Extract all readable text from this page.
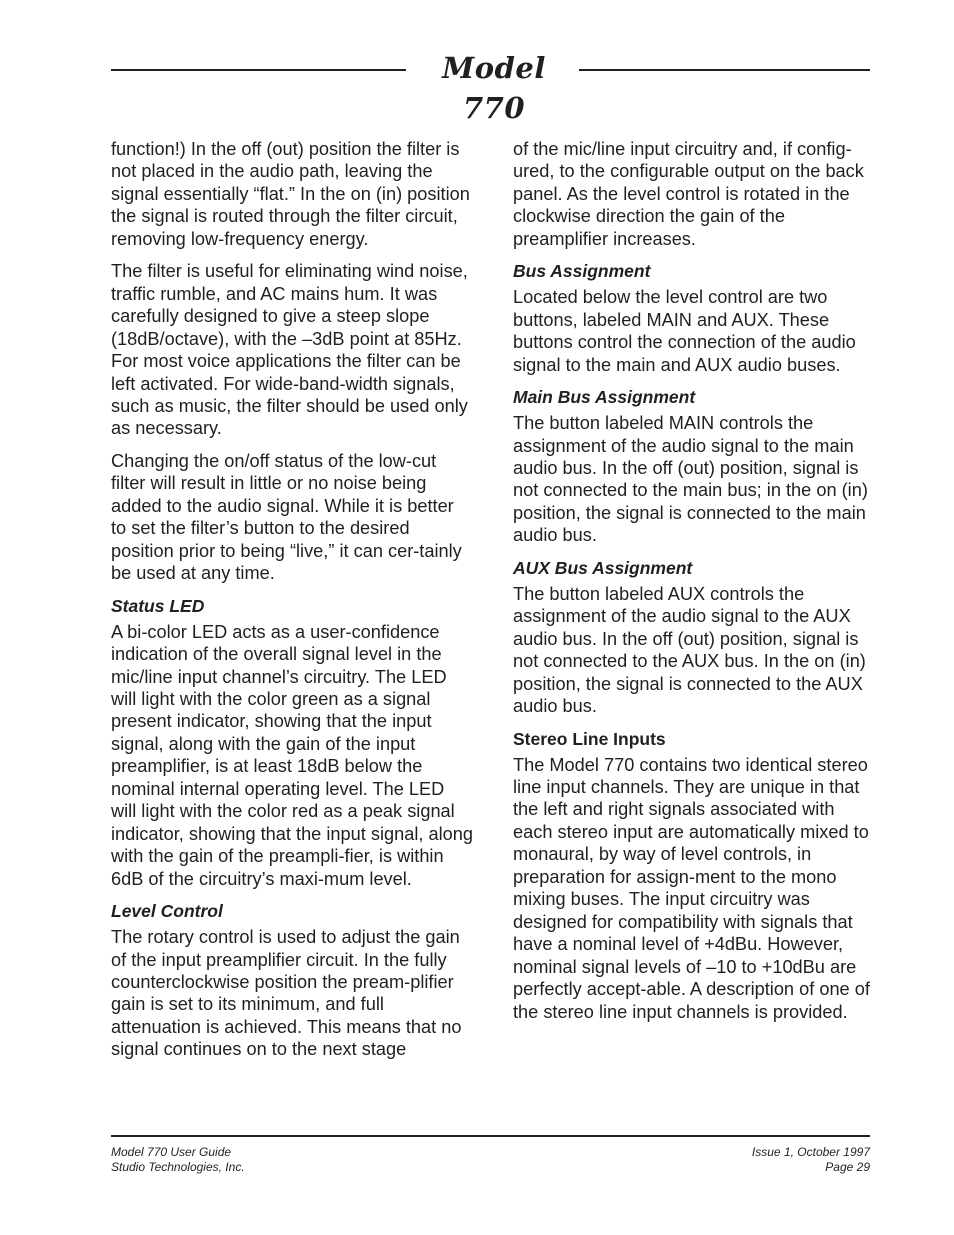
Model 770

function!) In the off (out) position the filter is not placed in the audio path, leaving the signal essentially “flat.” In the on (in) position the signal is routed through the filter circuit, removing low-frequency energy.

The filter is useful for eliminating wind noise, traffic rumble, and AC mains hum. It was carefully designed to give a steep slope (18dB/octave), with the –3dB point at 85Hz. For most voice applications the filter can be left activated. For wide-band-width signals, such as music, the filter should be used only as necessary.

Changing the on/off status of the low-cut filter will result in little or no noise being added to the audio signal. While it is better to set the filter’s button to the desired position prior to being “live,” it can cer-tainly be used at any time.

Status LED

A bi-color LED acts as a user-confidence indication of the overall signal level in the mic/line input channel’s circuitry. The LED will light with the color green as a signal present indicator, showing that the input signal, along with the gain of the input preamplifier, is at least 18dB below the nominal internal operating level. The LED will light with the color red as a peak signal indicator, showing that the input signal, along with the gain of the preampli-fier, is within 6dB of the circuitry’s maxi-mum level.

Level Control

The rotary control is used to adjust the gain of the input preamplifier circuit. In the fully counterclockwise position the pream-plifier gain is set to its minimum, and full attenuation is achieved. This means that no signal continues on to the next stage

of the mic/line input circuitry and, if config-ured, to the configurable output on the back panel. As the level control is rotated in the clockwise direction the gain of the preamplifier increases.

Bus Assignment

Located below the level control are two buttons, labeled MAIN and AUX. These buttons control the connection of the audio signal to the main and AUX audio buses.

Main Bus Assignment

The button labeled MAIN controls the assignment of the audio signal to the main audio bus. In the off (out) position, signal is not connected to the main bus; in the on (in) position, the signal is connected to the main audio bus.

AUX Bus Assignment

The button labeled AUX controls the assignment of the audio signal to the AUX audio bus. In the off (out) position, signal is not connected to the AUX bus. In the on (in) position, the signal is connected to the AUX audio bus.

Stereo Line Inputs

The Model 770 contains two identical stereo line input channels. They are unique in that the left and right signals associated with each stereo input are automatically mixed to monaural, by way of level controls, in preparation for assign-ment to the mono mixing buses. The input circuitry was designed for compatibility with signals that have a nominal level of +4dBu. However, nominal signal levels of –10 to +10dBu are perfectly accept-able. A description of one of the stereo line input channels is provided.

Model 770 User Guide
Studio Technologies, Inc.
Issue 1, October 1997
Page 29
